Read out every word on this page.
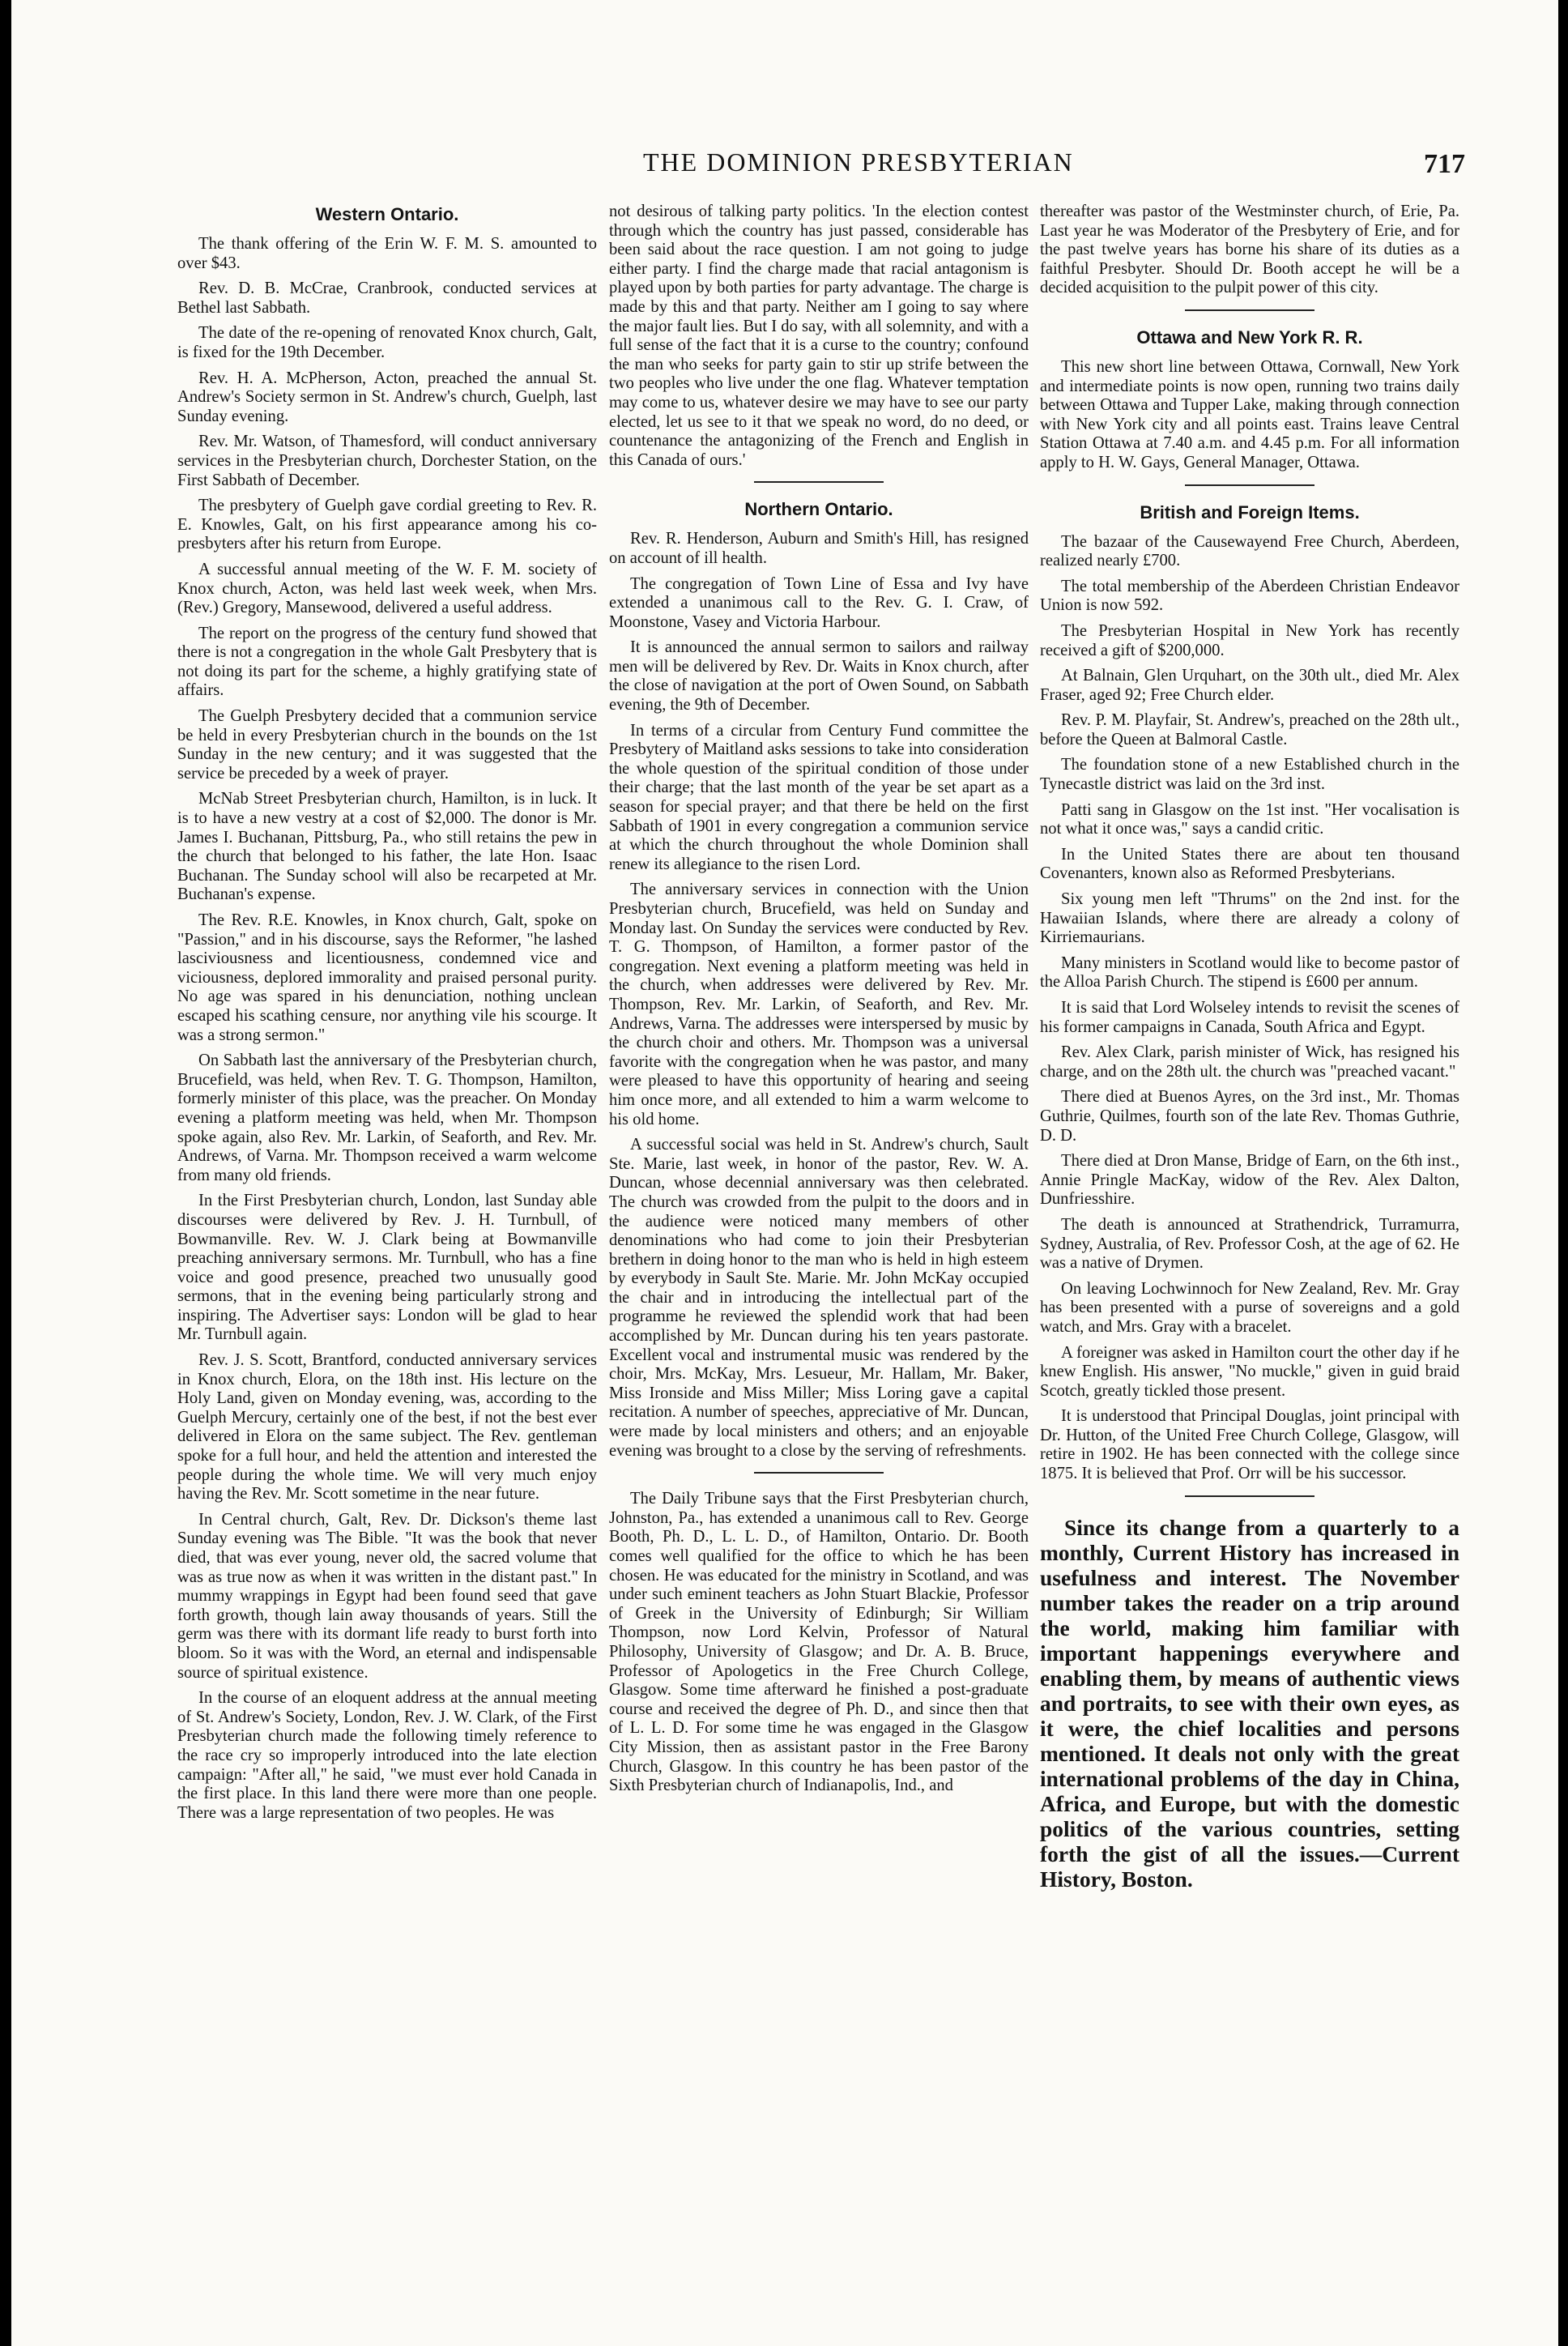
THE DOMINION PRESBYTERIAN	717
Western Ontario.

The thank offering of the Erin W. F. M. S. amounted to over $43.

Rev. D. B. McCrae, Cranbrook, conducted services at Bethel last Sabbath.

The date of the re-opening of renovated Knox church, Galt, is fixed for the 19th December.

Rev. H. A. McPherson, Acton, preached the annual St. Andrew's Society sermon in St. Andrew's church, Guelph, last Sunday evening.

Rev. Mr. Watson, of Thamesford, will conduct anniversary services in the Presbyterian church, Dorchester Station, on the First Sabbath of December.

The presbytery of Guelph gave cordial greeting to Rev. R. E. Knowles, Galt, on his first appearance among his co-presbyters after his return from Europe.

A successful annual meeting of the W. F. M. society of Knox church, Acton, was held last week week, when Mrs. (Rev.) Gregory, Mansewood, delivered a useful address.

The report on the progress of the century fund showed that there is not a congregation in the whole Galt Presbytery that is not doing its part for the scheme, a highly gratifying state of affairs.

The Guelph Presbytery decided that a communion service be held in every Presbyterian church in the bounds on the 1st Sunday in the new century; and it was suggested that the service be preceded by a week of prayer.

McNab Street Presbyterian church, Hamilton, is in luck. It is to have a new vestry at a cost of $2,000. The donor is Mr. James I. Buchanan, Pittsburg, Pa., who still retains the pew in the church that belonged to his father, the late Hon. Isaac Buchanan. The Sunday school will also be recarpeted at Mr. Buchanan's expense.

The Rev. R.E. Knowles, in Knox church, Galt, spoke on "Passion," and in his discourse, says the Reformer, "he lashed lasciviousness and licentiousness, condemned vice and viciousness, deplored immorality and praised personal purity. No age was spared in his denunciation, nothing unclean escaped his scathing censure, nor anything vile his scourge. It was a strong sermon."

On Sabbath last the anniversary of the Presbyterian church, Brucefield, was held, when Rev. T. G. Thompson, Hamilton, formerly minister of this place, was the preacher. On Monday evening a platform meeting was held, when Mr. Thompson spoke again, also Rev. Mr. Larkin, of Seaforth, and Rev. Mr. Andrews, of Varna. Mr. Thompson received a warm welcome from many old friends.

In the First Presbyterian church, London, last Sunday able discourses were delivered by Rev. J. H. Turnbull, of Bowmanville. Rev. W. J. Clark being at Bowmanville preaching anniversary sermons. Mr. Turnbull, who has a fine voice and good presence, preached two unusually good sermons, that in the evening being particularly strong and inspiring. The Advertiser says: London will be glad to hear Mr. Turnbull again.

Rev. J. S. Scott, Brantford, conducted anniversary services in Knox church, Elora, on the 18th inst. His lecture on the Holy Land, given on Monday evening, was, according to the Guelph Mercury, certainly one of the best, if not the best ever delivered in Elora on the same subject. The Rev. gentleman spoke for a full hour, and held the attention and interested the people during the whole time. We will very much enjoy having the Rev. Mr. Scott sometime in the near future.

In Central church, Galt, Rev. Dr. Dickson's theme last Sunday evening was The Bible. "It was the book that never died, that was ever young, never old, the sacred volume that was as true now as when it was written in the distant past." In mummy wrappings in Egypt had been found seed that gave forth growth, though lain away thousands of years. Still the germ was there with its dormant life ready to burst forth into bloom. So it was with the Word, an eternal and indispensable source of spiritual existence.

In the course of an eloquent address at the annual meeting of St. Andrew's Society, London, Rev. J. W. Clark, of the First Presbyterian church made the following timely reference to the race cry so improperly introduced into the late election campaign: "After all," he said, "we must ever hold Canada in the first place. In this land there were more than one people. There was a large representation of two peoples. He was

not desirous of talking party politics. 'In the election contest through which the country has just passed, considerable has been said about the race question. I am not going to judge either party. I find the charge made that racial antagonism is played upon by both parties for party advantage. The charge is made by this and that party. Neither am I going to say where the major fault lies. But I do say, with all solemnity, and with a full sense of the fact that it is a curse to the country; confound the man who seeks for party gain to stir up strife between the two peoples who live under the one flag. Whatever temptation may come to us, whatever desire we may have to see our party elected, let us see to it that we speak no word, do no deed, or countenance the antagonizing of the French and English in this Canada of ours.'

Northern Ontario.

Rev. R. Henderson, Auburn and Smith's Hill, has resigned on account of ill health.

The congregation of Town Line of Essa and Ivy have extended a unanimous call to the Rev. G. I. Craw, of Moonstone, Vasey and Victoria Harbour.

It is announced the annual sermon to sailors and railway men will be delivered by Rev. Dr. Waits in Knox church, after the close of navigation at the port of Owen Sound, on Sabbath evening, the 9th of December.

In terms of a circular from Century Fund committee the Presbytery of Maitland asks sessions to take into consideration the whole question of the spiritual condition of those under their charge; that the last month of the year be set apart as a season for special prayer; and that there be held on the first Sabbath of 1901 in every congregation a communion service at which the church throughout the whole Dominion shall renew its allegiance to the risen Lord.

The anniversary services in connection with the Union Presbyterian church, Brucefield, was held on Sunday and Monday last. On Sunday the services were conducted by Rev. T. G. Thompson, of Hamilton, a former pastor of the congregation. Next evening a platform meeting was held in the church, when addresses were delivered by Rev. Mr. Thompson, Rev. Mr. Larkin, of Seaforth, and Rev. Mr. Andrews, Varna. The addresses were interspersed by music by the church choir and others. Mr. Thompson was a universal favorite with the congregation when he was pastor, and many were pleased to have this opportunity of hearing and seeing him once more, and all extended to him a warm welcome to his old home.

A successful social was held in St. Andrew's church, Sault Ste. Marie, last week, in honor of the pastor, Rev. W. A. Duncan, whose decennial anniversary was then celebrated. The church was crowded from the pulpit to the doors and in the audience were noticed many members of other denominations who had come to join their Presbyterian brethern in doing honor to the man who is held in high esteem by everybody in Sault Ste. Marie. Mr. John McKay occupied the chair and in introducing the intellectual part of the programme he reviewed the splendid work that had been accomplished by Mr. Duncan during his ten years pastorate. Excellent vocal and instrumental music was rendered by the choir, Mrs. McKay, Mrs. Lesueur, Mr. Hallam, Mr. Baker, Miss Ironside and Miss Miller; Miss Loring gave a capital recitation. A number of speeches, appreciative of Mr. Duncan, were made by local ministers and others; and an enjoyable evening was brought to a close by the serving of refreshments.

The Daily Tribune says that the First Presbyterian church, Johnston, Pa., has extended a unanimous call to Rev. George Booth, Ph. D., L. L. D., of Hamilton, Ontario. Dr. Booth comes well qualified for the office to which he has been chosen. He was educated for the ministry in Scotland, and was under such eminent teachers as John Stuart Blackie, Professor of Greek in the University of Edinburgh; Sir William Thompson, now Lord Kelvin, Professor of Natural Philosophy, University of Glasgow; and Dr. A. B. Bruce, Professor of Apologetics in the Free Church College, Glasgow. Some time afterward he finished a post-graduate course and received the degree of Ph. D., and since then that of L. L. D. For some time he was engaged in the Glasgow City Mission, then as assistant pastor in the Free Barony Church, Glasgow. In this country he has been pastor of the Sixth Presbyterian church of Indianapolis, Ind., and

thereafter was pastor of the Westminster church, of Erie, Pa. Last year he was Moderator of the Presbytery of Erie, and for the past twelve years has borne his share of its duties as a faithful Presbyter. Should Dr. Booth accept he will be a decided acquisition to the pulpit power of this city.

Ottawa and New York R. R.

This new short line between Ottawa, Cornwall, New York and intermediate points is now open, running two trains daily between Ottawa and Tupper Lake, making through connection with New York city and all points east. Trains leave Central Station Ottawa at 7.40 a.m. and 4.45 p.m. For all information apply to H. W. Gays, General Manager, Ottawa.

British and Foreign Items.

The bazaar of the Causewayend Free Church, Aberdeen, realized nearly £700.

The total membership of the Aberdeen Christian Endeavor Union is now 592.

The Presbyterian Hospital in New York has recently received a gift of $200,000.

At Balnain, Glen Urquhart, on the 30th ult., died Mr. Alex Fraser, aged 92; Free Church elder.

Rev. P. M. Playfair, St. Andrew's, preached on the 28th ult., before the Queen at Balmoral Castle.

The foundation stone of a new Established church in the Tynecastle district was laid on the 3rd inst.

Patti sang in Glasgow on the 1st inst. "Her vocalisation is not what it once was," says a candid critic.

In the United States there are about ten thousand Covenanters, known also as Reformed Presbyterians.

Six young men left "Thrums" on the 2nd inst. for the Hawaiian Islands, where there are already a colony of Kirriemaurians.

Many ministers in Scotland would like to become pastor of the Alloa Parish Church. The stipend is £600 per annum.

It is said that Lord Wolseley intends to revisit the scenes of his former campaigns in Canada, South Africa and Egypt.

Rev. Alex Clark, parish minister of Wick, has resigned his charge, and on the 28th ult. the church was "preached vacant."

There died at Buenos Ayres, on the 3rd inst., Mr. Thomas Guthrie, Quilmes, fourth son of the late Rev. Thomas Guthrie, D. D.

There died at Dron Manse, Bridge of Earn, on the 6th inst., Annie Pringle MacKay, widow of the Rev. Alex Dalton, Dunfriesshire.

The death is announced at Strathendrick, Turramurra, Sydney, Australia, of Rev. Professor Cosh, at the age of 62. He was a native of Drymen.

On leaving Lochwinnoch for New Zealand, Rev. Mr. Gray has been presented with a purse of sovereigns and a gold watch, and Mrs. Gray with a bracelet.

A foreigner was asked in Hamilton court the other day if he knew English. His answer, "No muckle," given in guid braid Scotch, greatly tickled those present.

It is understood that Principal Douglas, joint principal with Dr. Hutton, of the United Free Church College, Glasgow, will retire in 1902. He has been connected with the college since 1875. It is believed that Prof. Orr will be his successor.

Since its change from a quarterly to a monthly, Current History has increased in usefulness and interest. The November number takes the reader on a trip around the world, making him familiar with important happenings everywhere and enabling them, by means of authentic views and portraits, to see with their own eyes, as it were, the chief localities and persons mentioned. It deals not only with the great international problems of the day in China, Africa, and Europe, but with the domestic politics of the various countries, setting forth the gist of all the issues.—Current History, Boston.
